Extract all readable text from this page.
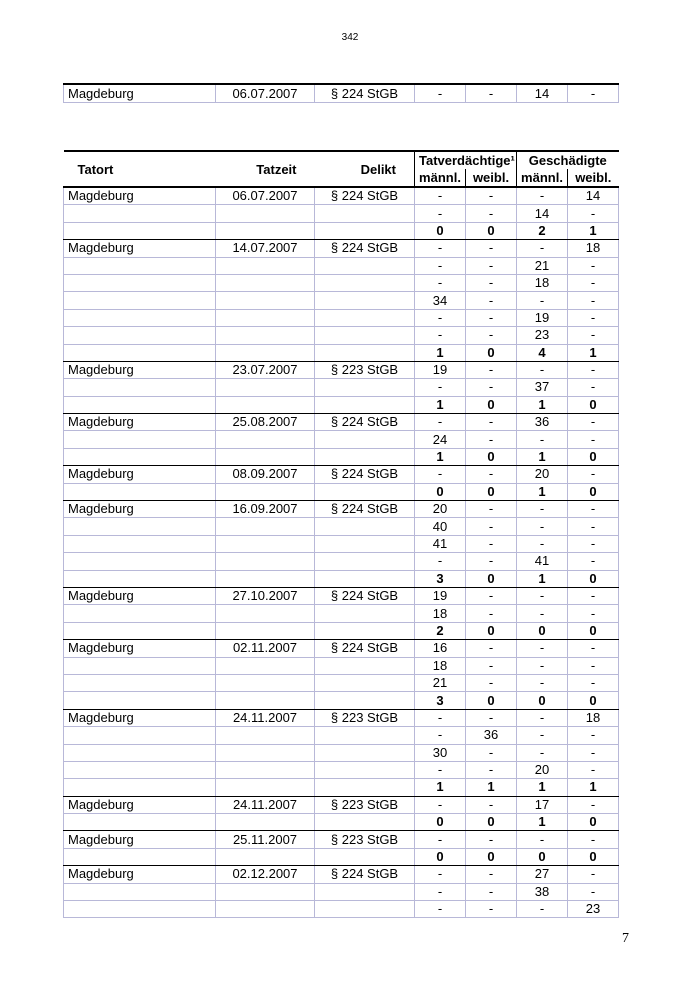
342
Magdeburg	06.07.2007	§ 224 StGB	-	-	14	-
Tatort	Tatzeit	Delikt	Tatverdächtige¹		Geschädigte	
			männl.	weibl.	männl.	weibl.
Magdeburg	06.07.2007	§ 224 StGB	-	-	-	14
			-	-	14	-
			0	0	2	1
Magdeburg	14.07.2007	§ 224 StGB	-	-	-	18
			-	-	21	-
			-	-	18	-
			34	-	-	-
			-	-	19	-
			-	-	23	-
			1	0	4	1
Magdeburg	23.07.2007	§ 223 StGB	19	-	-	-
			-	-	37	-
			1	0	1	0
Magdeburg	25.08.2007	§ 224 StGB	-	-	36	-
			24	-	-	-
			1	0	1	0
Magdeburg	08.09.2007	§ 224 StGB	-	-	20	-
			0	0	1	0
Magdeburg	16.09.2007	§ 224 StGB	20	-	-	-
			40	-	-	-
			41	-	-	-
			-	-	41	-
			3	0	1	0
Magdeburg	27.10.2007	§ 224 StGB	19	-	-	-
			18	-	-	-
			2	0	0	0
Magdeburg	02.11.2007	§ 224 StGB	16	-	-	-
			18	-	-	-
			21	-	-	-
			3	0	0	0
Magdeburg	24.11.2007	§ 223 StGB	-	-	-	18
			-	36	-	-
			30	-	-	-
			-	-	20	-
			1	1	1	1
Magdeburg	24.11.2007	§ 223 StGB	-	-	17	-
			0	0	1	0
Magdeburg	25.11.2007	§ 223 StGB	-	-	-	-
			0	0	0	0
Magdeburg	02.12.2007	§ 224 StGB	-	-	27	-
			-	-	38	-
			-	-	-	23
7
